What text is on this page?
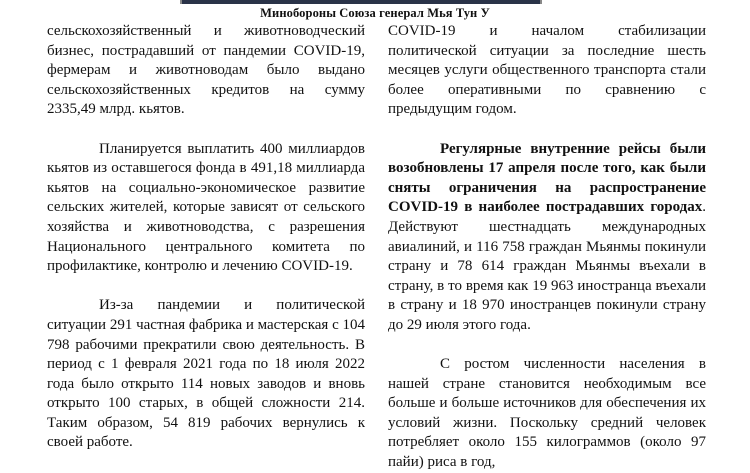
Минобороны Союза генерал Мья Тун У

сельскохозяйственный и животноводческий бизнес, пострадавший от пандемии COVID-19, фермерам и животноводам было выдано сельскохозяйственных кредитов на сумму 2335,49 млрд. кьятов.

Планируется выплатить 400 миллиардов кьятов из оставшегося фонда в 491,18 миллиарда кьятов на социально-экономическое развитие сельских жителей, которые зависят от сельского хозяйства и животноводства, с разрешения Национального центрального комитета по профилактике, контролю и лечению COVID-19.

Из-за пандемии и политической ситуации 291 частная фабрика и мастерская с 104 798 рабочими прекратили свою деятельность. В период с 1 февраля 2021 года по 18 июля 2022 года было открыто 114 новых заводов и вновь открыто 100 старых, в общей сложности 214. Таким образом, 54 819 рабочих вернулись к своей работе.

COVID-19 и началом стабилизации политической ситуации за последние шесть месяцев услуги общественного транспорта стали более оперативными по сравнению с предыдущим годом.

Регулярные внутренние рейсы были возобновлены 17 апреля после того, как были сняты ограничения на распространение COVID-19 в наиболее пострадавших городах. Действуют шестнадцать международных авиалиний, и 116 758 граждан Мьянмы покинули страну и 78 614 граждан Мьянмы въехали в страну, в то время как 19 963 иностранца въехали в страну и 18 970 иностранцев покинули страну до 29 июля этого года.

С ростом численности населения в нашей стране становится необходимым все больше и больше источников для обеспечения их условий жизни. Поскольку средний человек потребляет около 155 килограммов (около 97 пайи) риса в год,
